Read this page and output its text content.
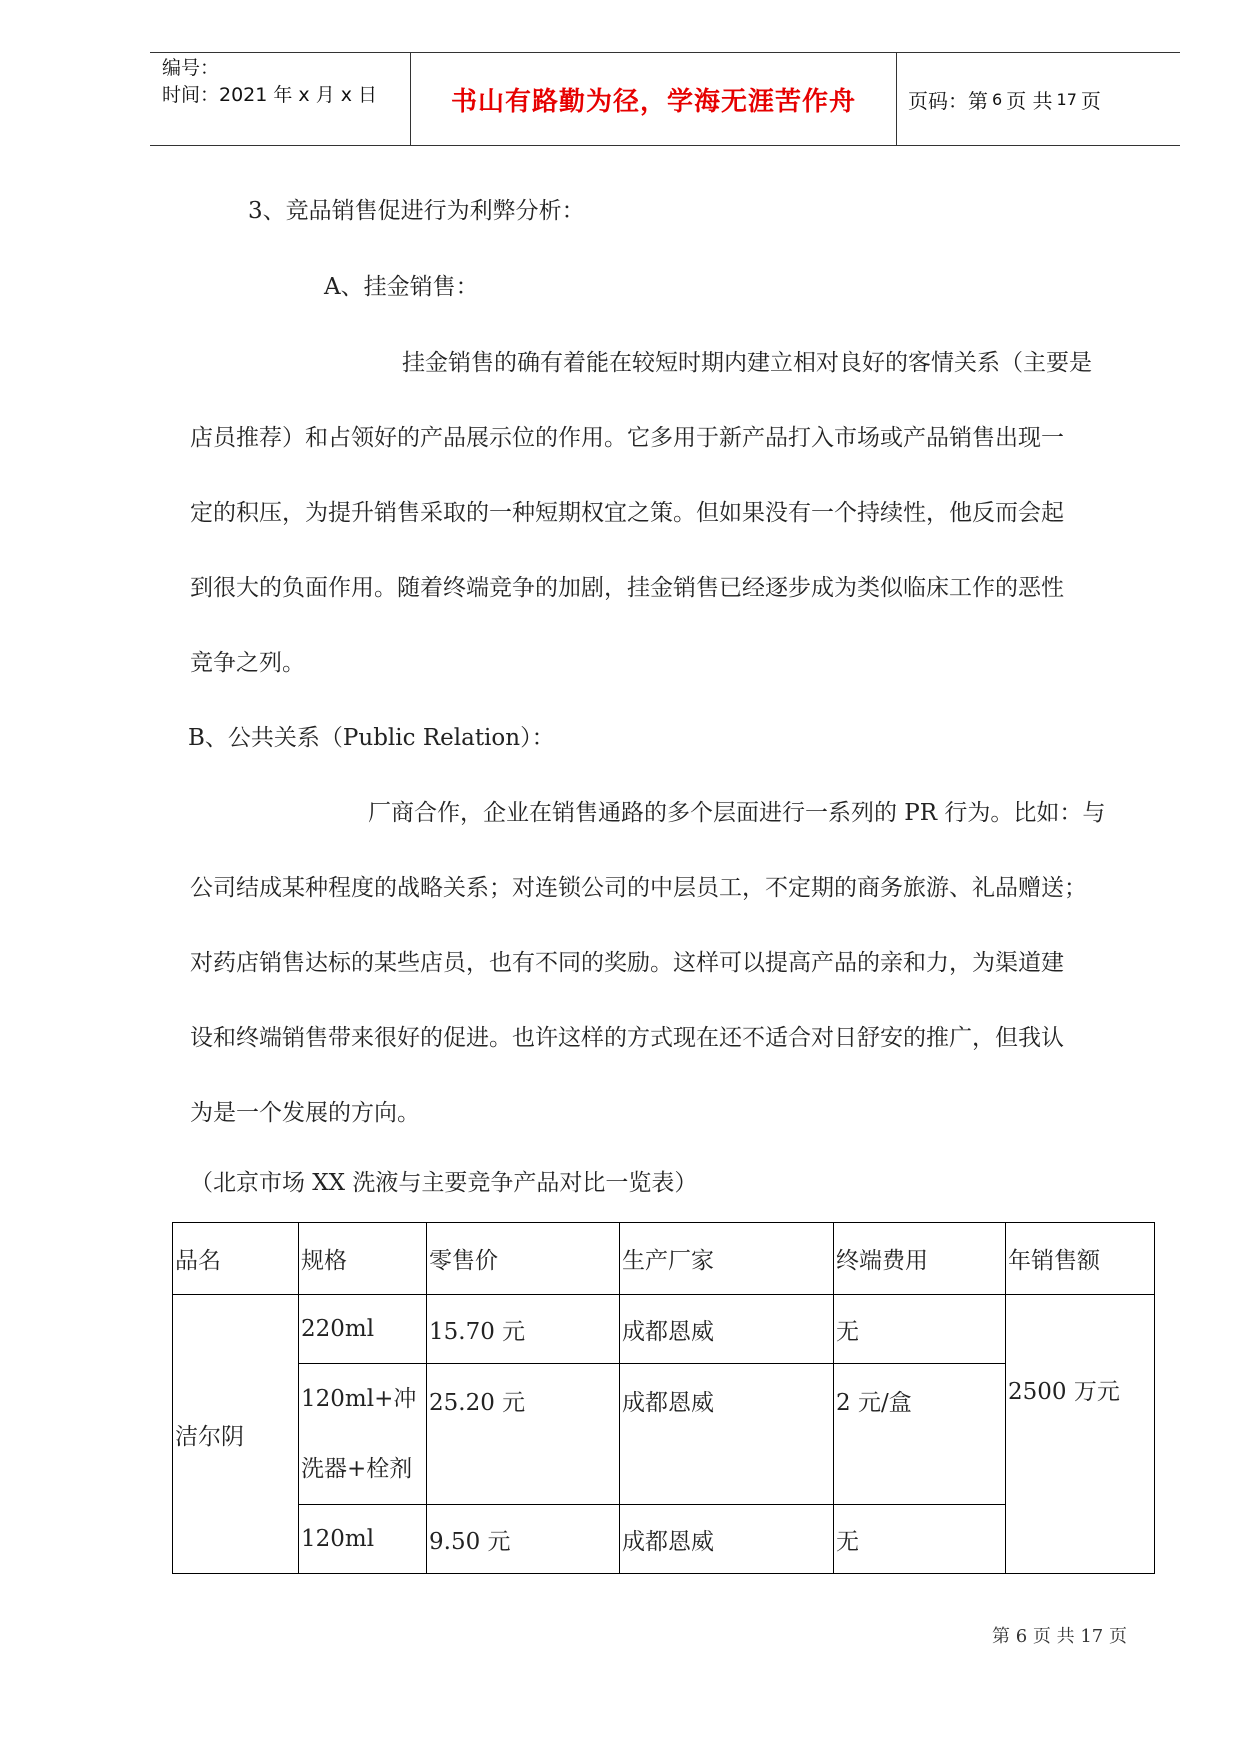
编号：
时间：2021 年 x 月 x 日	书山有路勤为径，学海无涯苦作舟	页码：第 6 页 共 17 页
3、竞品销售促进行为利弊分析：
A、挂金销售：
挂金销售的确有着能在较短时期内建立相对良好的客情关系（主要是
店员推荐）和占领好的产品展示位的作用。它多用于新产品打入市场或产品销售出现一
定的积压，为提升销售采取的一种短期权宜之策。但如果没有一个持续性，他反而会起
到很大的负面作用。随着终端竞争的加剧，挂金销售已经逐步成为类似临床工作的恶性
竞争之列。
B、公共关系（Public Relation）：
厂商合作，企业在销售通路的多个层面进行一系列的 PR 行为。比如：与
公司结成某种程度的战略关系；对连锁公司的中层员工，不定期的商务旅游、礼品赠送；
对药店销售达标的某些店员，也有不同的奖励。这样可以提高产品的亲和力，为渠道建
设和终端销售带来很好的促进。也许这样的方式现在还不适合对日舒安的推广，但我认
为是一个发展的方向。
（北京市场 XX 洗液与主要竞争产品对比一览表）
品名	规格	零售价	生产厂家	终端费用	年销售额
洁尔阴	220ml	15.70 元	成都恩威	无	2500 万元
	120ml+冲洗器+栓剂	25.20 元	成都恩威	2 元/盒	
	120ml	9.50 元	成都恩威	无	
第 6 页 共 17 页
